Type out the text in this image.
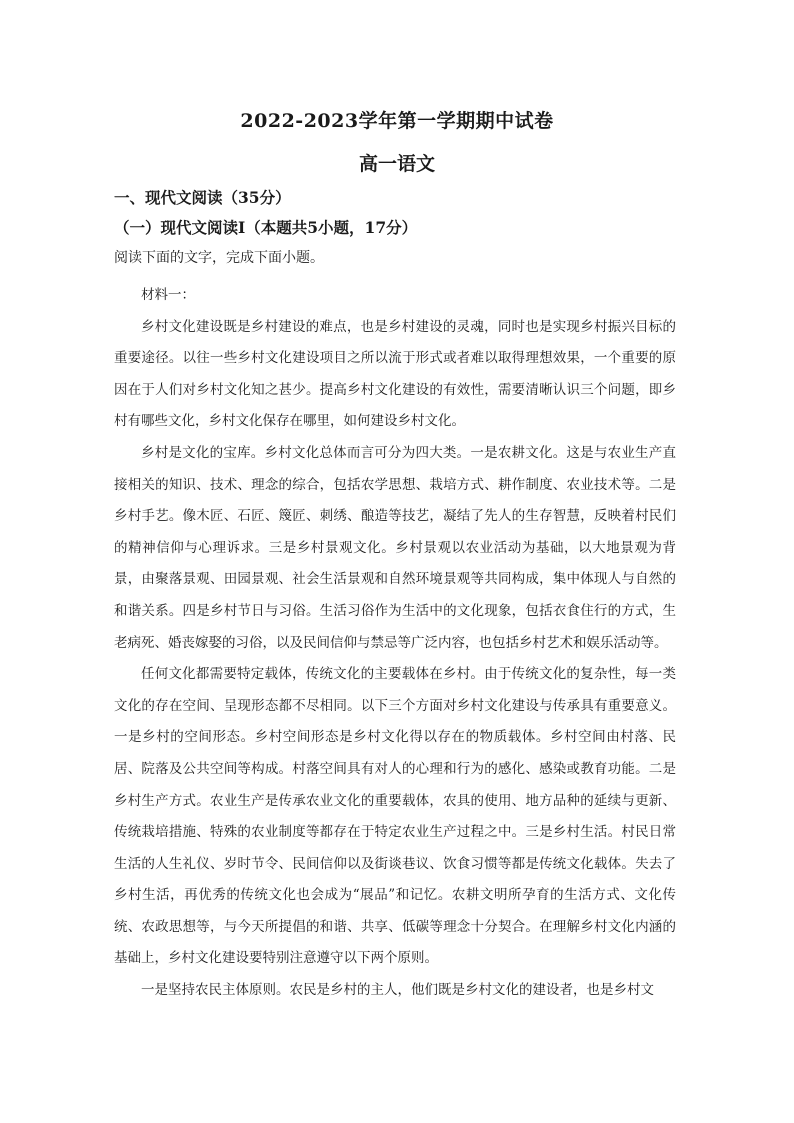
2022-2023学年第一学期期中试卷
高一语文
一、现代文阅读（35分）
（一）现代文阅读Ⅰ（本题共5小题，17分）
阅读下面的文字，完成下面小题。

材料一：

乡村文化建设既是乡村建设的难点，也是乡村建设的灵魂，同时也是实现乡村振兴目标的重要途径。以往一些乡村文化建设项目之所以流于形式或者难以取得理想效果，一个重要的原因在于人们对乡村文化知之甚少。提高乡村文化建设的有效性，需要清晰认识三个问题，即乡村有哪些文化，乡村文化保存在哪里，如何建设乡村文化。

乡村是文化的宝库。乡村文化总体而言可分为四大类。一是农耕文化。这是与农业生产直接相关的知识、技术、理念的综合，包括农学思想、栽培方式、耕作制度、农业技术等。二是乡村手艺。像木匠、石匠、篾匠、刺绣、酿造等技艺，凝结了先人的生存智慧，反映着村民们的精神信仰与心理诉求。三是乡村景观文化。乡村景观以农业活动为基础，以大地景观为背景，由聚落景观、田园景观、社会生活景观和自然环境景观等共同构成，集中体现人与自然的和谐关系。四是乡村节日与习俗。生活习俗作为生活中的文化现象，包括衣食住行的方式，生老病死、婚丧嫁娶的习俗，以及民间信仰与禁忌等广泛内容，也包括乡村艺术和娱乐活动等。

任何文化都需要特定载体，传统文化的主要载体在乡村。由于传统文化的复杂性，每一类文化的存在空间、呈现形态都不尽相同。以下三个方面对乡村文化建设与传承具有重要意义。一是乡村的空间形态。乡村空间形态是乡村文化得以存在的物质载体。乡村空间由村落、民居、院落及公共空间等构成。村落空间具有对人的心理和行为的感化、感染或教育功能。二是乡村生产方式。农业生产是传承农业文化的重要载体，农具的使用、地方品种的延续与更新、传统栽培措施、特殊的农业制度等都存在于特定农业生产过程之中。三是乡村生活。村民日常生活的人生礼仪、岁时节令、民间信仰以及街谈巷议、饮食习惯等都是传统文化载体。失去了乡村生活，再优秀的传统文化也会成为“展品”和记忆。农耕文明所孕育的生活方式、文化传统、农政思想等，与今天所提倡的和谐、共享、低碳等理念十分契合。在理解乡村文化内涵的基础上，乡村文化建设要特别注意遵守以下两个原则。

一是坚持农民主体原则。农民是乡村的主人，他们既是乡村文化的建设者，也是乡村文
